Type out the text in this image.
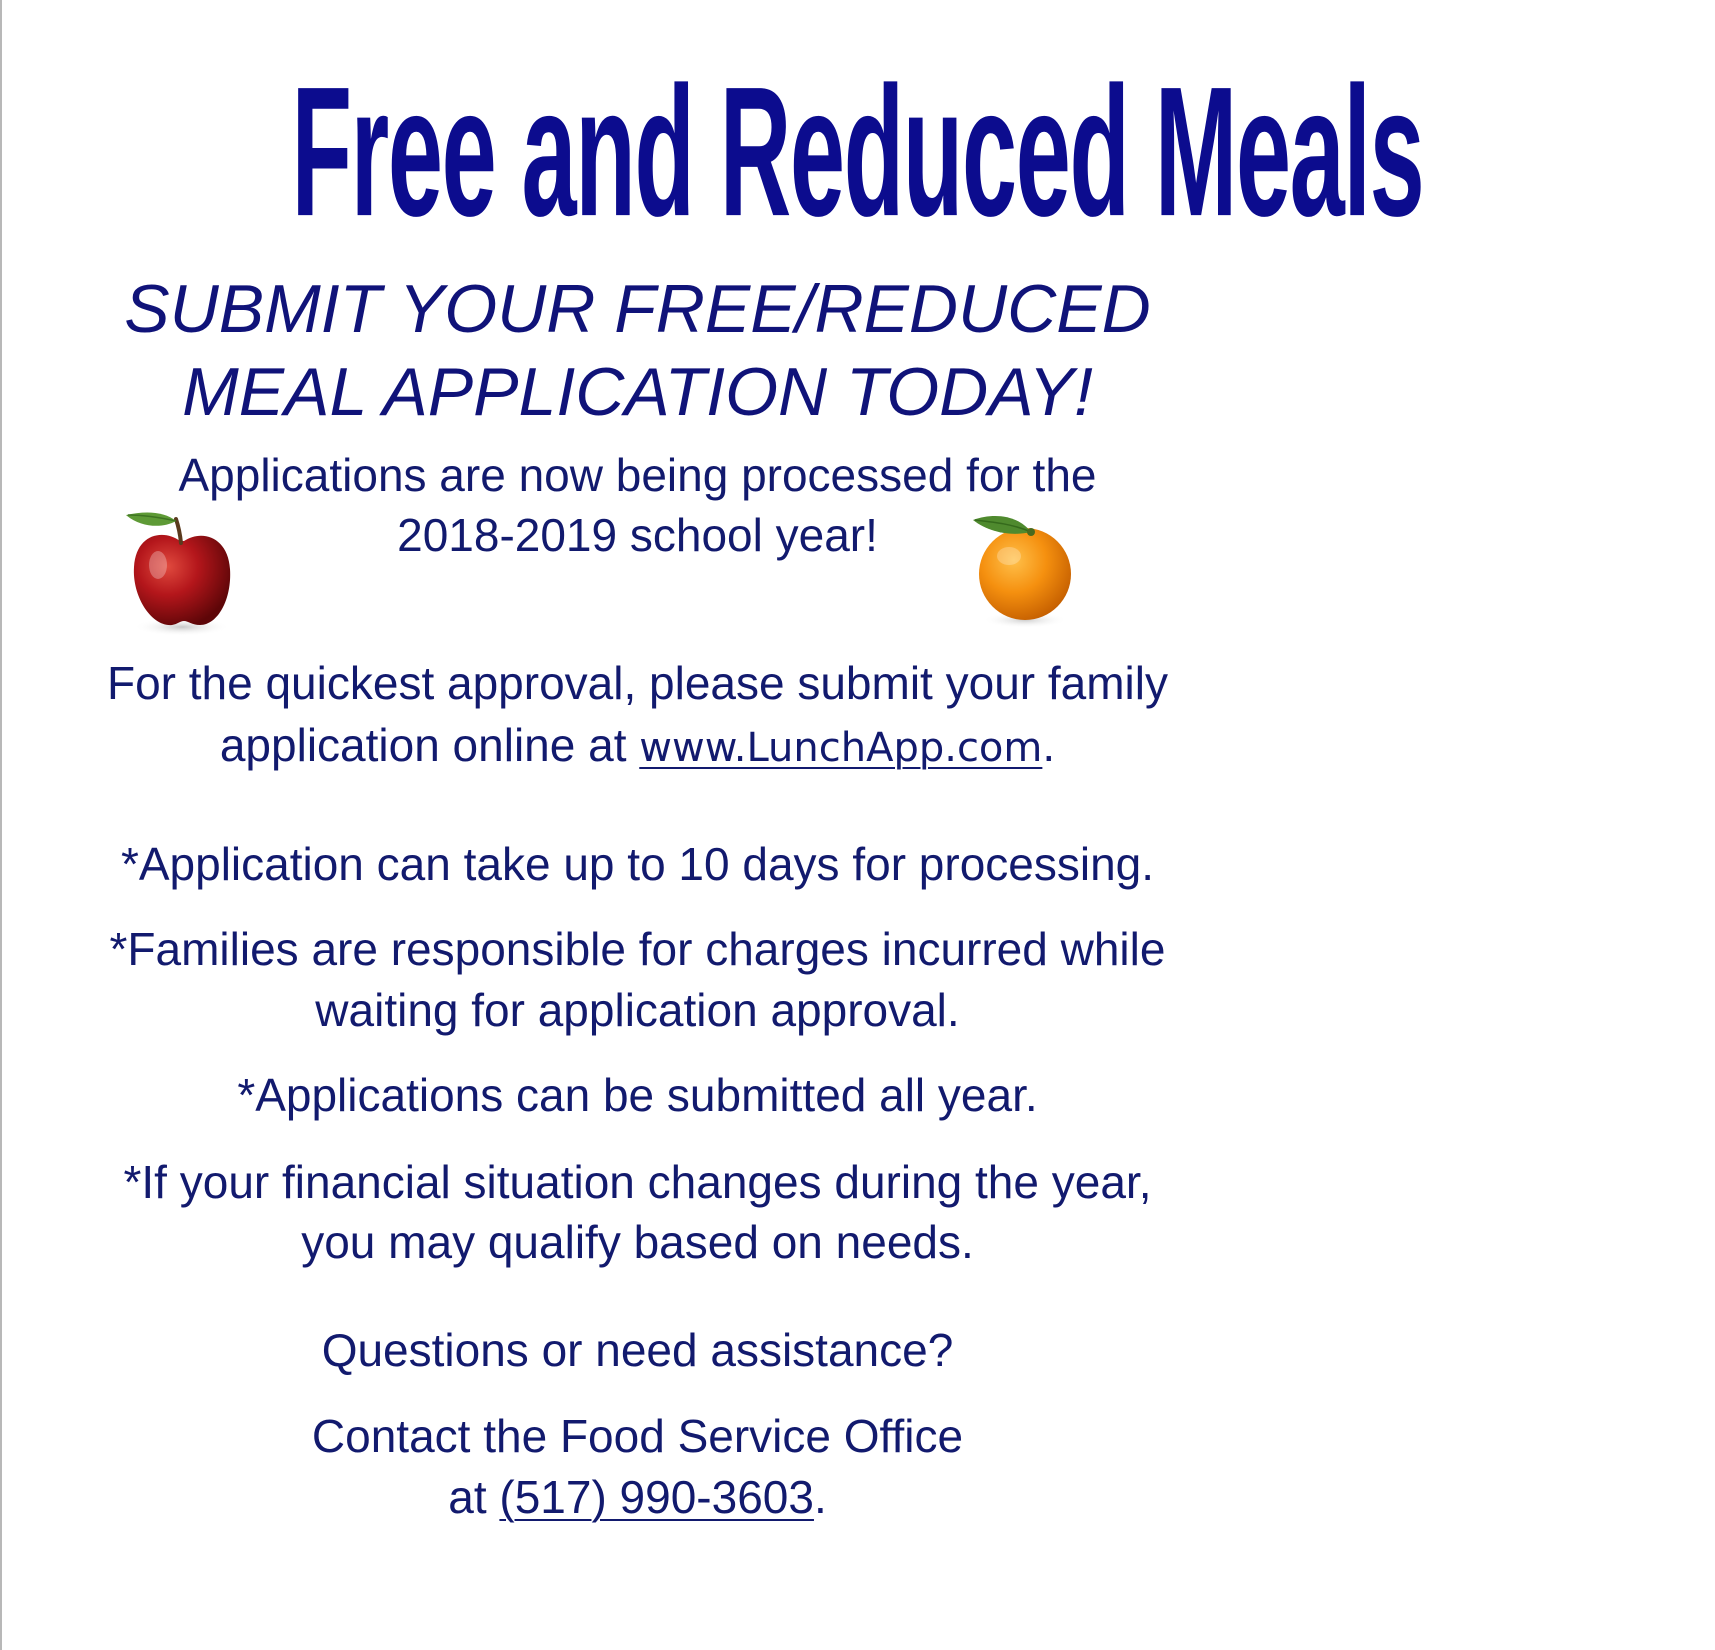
Free and Reduced Meals

SUBMIT YOUR FREE/REDUCED

MEAL APPLICATION TODAY!

Applications are now being processed for the

2018-2019 school year!

For the quickest approval, please submit your family

application online at www.LunchApp.com.

*Application can take up to 10 days for processing.

*Families are responsible for charges incurred while

waiting for application approval.

*Applications can be submitted all year.

*If your financial situation changes during the year,

you may qualify based on needs.

Questions or need assistance?

Contact the Food Service Office

at (517) 990-3603.
